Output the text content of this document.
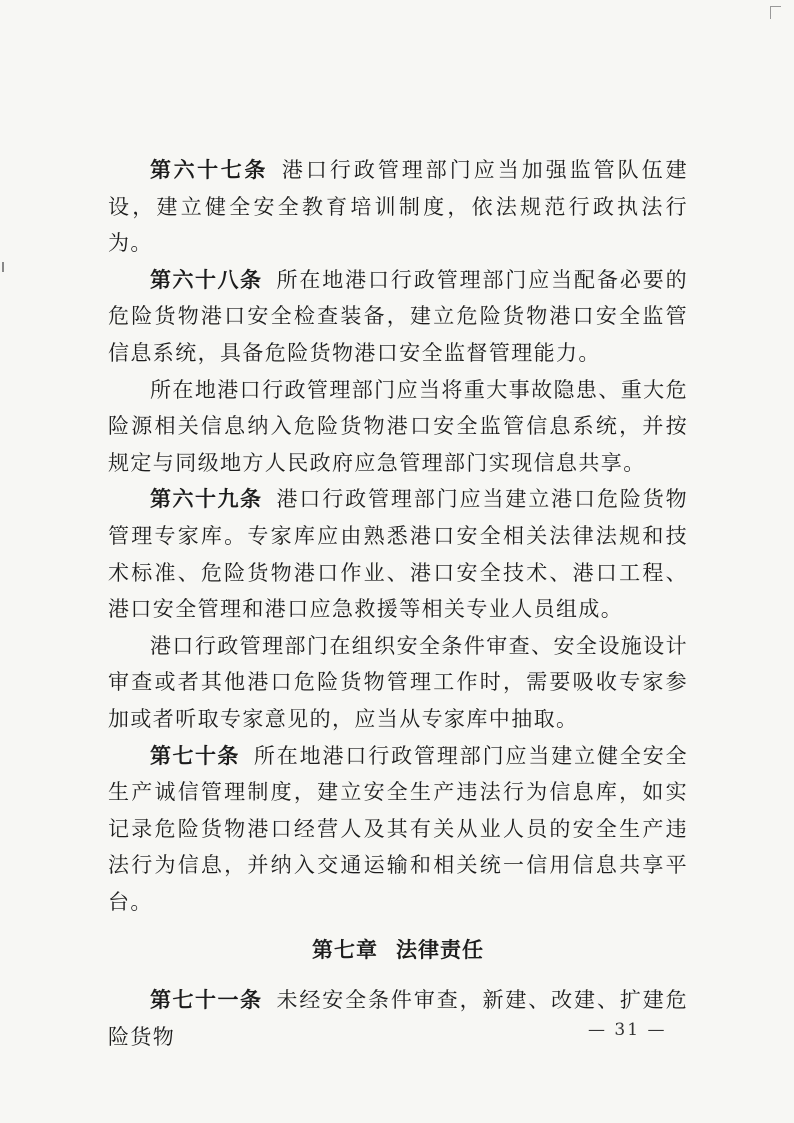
第六十七条 港口行政管理部门应当加强监管队伍建设，建立健全安全教育培训制度，依法规范行政执法行为。

第六十八条 所在地港口行政管理部门应当配备必要的危险货物港口安全检查装备，建立危险货物港口安全监管信息系统，具备危险货物港口安全监督管理能力。

所在地港口行政管理部门应当将重大事故隐患、重大危险源相关信息纳入危险货物港口安全监管信息系统，并按规定与同级地方人民政府应急管理部门实现信息共享。

第六十九条 港口行政管理部门应当建立港口危险货物管理专家库。专家库应由熟悉港口安全相关法律法规和技术标准、危险货物港口作业、港口安全技术、港口工程、港口安全管理和港口应急救援等相关专业人员组成。

港口行政管理部门在组织安全条件审查、安全设施设计审查或者其他港口危险货物管理工作时，需要吸收专家参加或者听取专家意见的，应当从专家库中抽取。

第七十条 所在地港口行政管理部门应当建立健全安全生产诚信管理制度，建立安全生产违法行为信息库，如实记录危险货物港口经营人及其有关从业人员的安全生产违法行为信息，并纳入交通运输和相关统一信用信息共享平台。

第七章 法律责任

第七十一条 未经安全条件审查，新建、改建、扩建危险货物	— 31 —
